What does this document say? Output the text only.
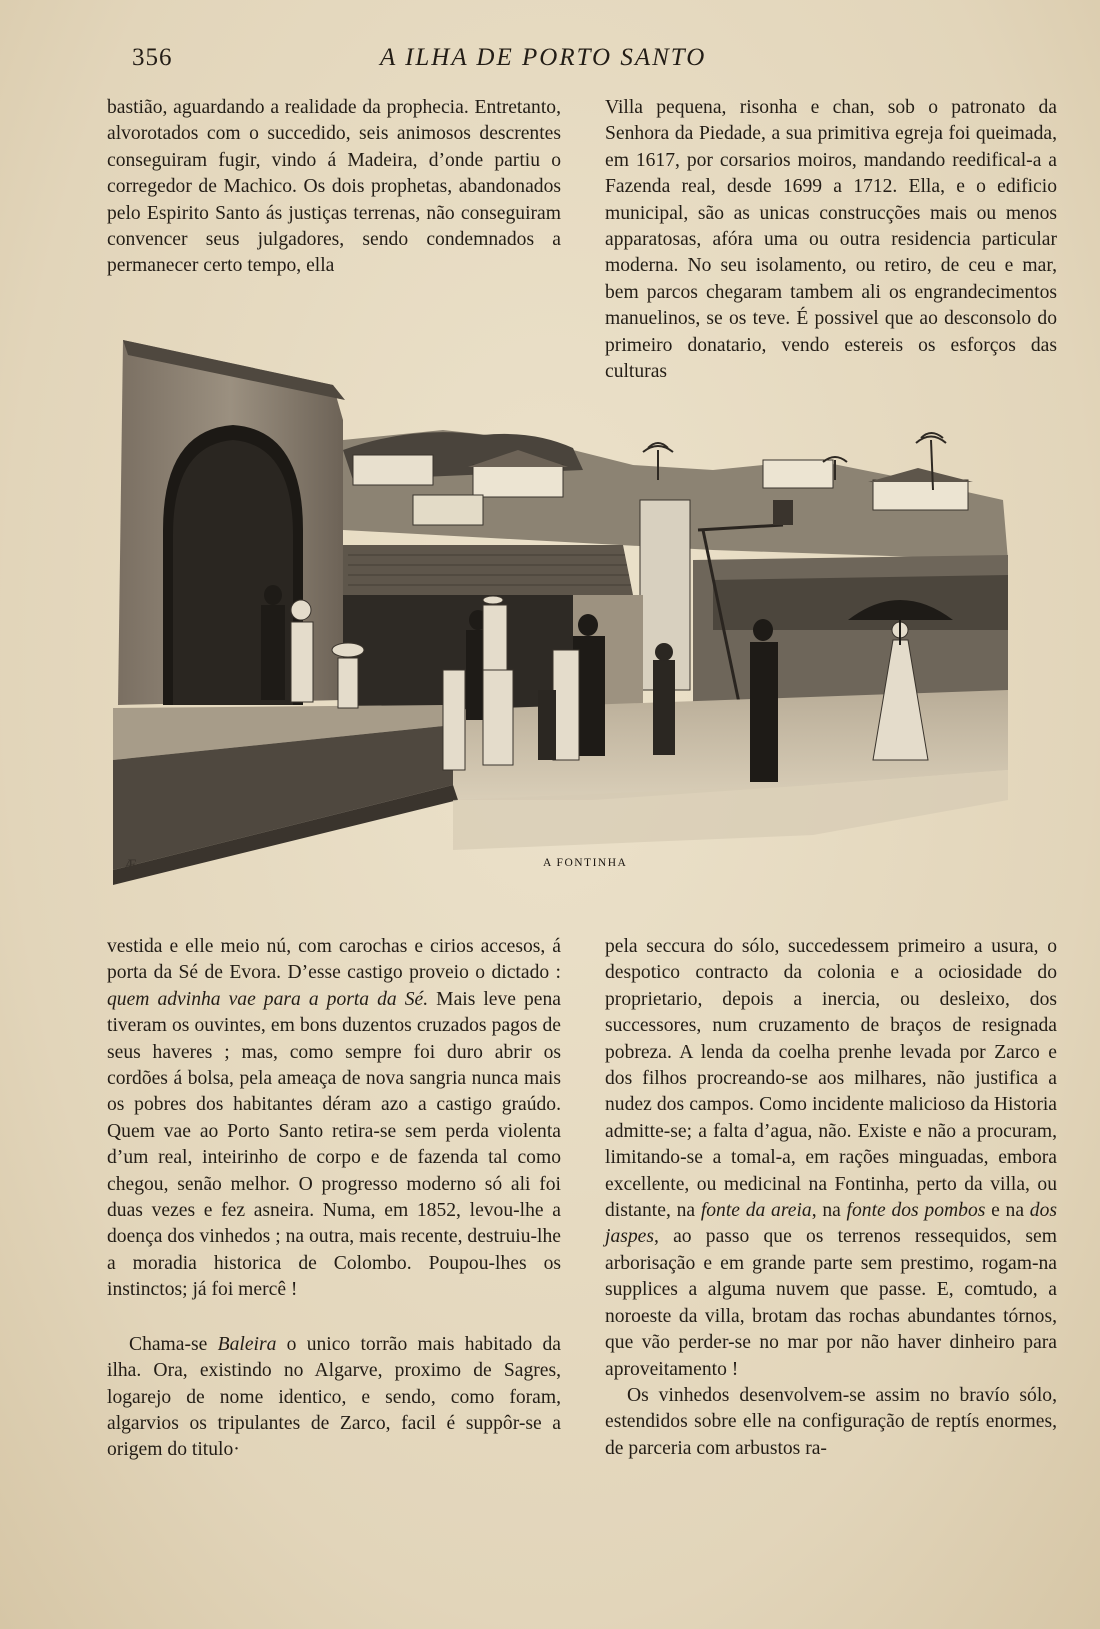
356	A ILHA DE PORTO SANTO

bastião, aguardando a realidade da prophecia. Entretanto, alvorotados com o succedido, seis animosos descrentes conseguiram fugir, vindo á Madeira, d’onde partiu o corregedor de Machico. Os dois prophetas, abandonados pelo Espirito Santo ás justiças terrenas, não conseguiram convencer seus julgadores, sendo condemnados a permanecer certo tempo, ella

Villa pequena, risonha e chan, sob o patronato da Senhora da Piedade, a sua primitiva egreja foi queimada, em 1617, por corsarios moiros, mandando reedifical-a a Fazenda real, desde 1699 a 1712. Ella, e o edificio municipal, são as unicas construcções mais ou menos apparatosas, afóra uma ou outra residencia particular moderna. No seu isolamento, ou retiro, de ceu e mar, bem parcos chegaram tambem ali os engrandecimentos manuelinos, se os teve. É possivel que ao desconsolo do primeiro donatario, vendo estereis os esforços das culturas

Æ	A FONTINHA

vestida e elle meio nú, com carochas e cirios accesos, á porta da Sé de Evora. D’esse castigo proveio o dictado : quem advinha vae para a porta da Sé. Mais leve pena tiveram os ouvintes, em bons duzentos cruzados pagos de seus haveres ; mas, como sempre foi duro abrir os cordões á bolsa, pela ameaça de nova sangria nunca mais os pobres dos habitantes déram azo a castigo graúdo. Quem vae ao Porto Santo retira-se sem perda violenta d’um real, inteirinho de corpo e de fazenda tal como chegou, senão melhor. O progresso moderno só ali foi duas vezes e fez asneira. Numa, em 1852, levou-lhe a doença dos vinhedos ; na outra, mais recente, destruiu-lhe a moradia historica de Colombo. Poupou-lhes os instinctos; já foi mercê !

Chama-se Baleira o unico torrão mais habitado da ilha. Ora, existindo no Algarve, proximo de Sagres, logarejo de nome identico, e sendo, como foram, algarvios os tripulantes de Zarco, facil é suppôr-se a origem do titulo·

pela seccura do sólo, succedessem primeiro a usura, o despotico contracto da colonia e a ociosidade do proprietario, depois a inercia, ou desleixo, dos successores, num cruzamento de braços de resignada pobreza. A lenda da coelha prenhe levada por Zarco e dos filhos procreando-se aos milhares, não justifica a nudez dos campos. Como incidente malicioso da Historia admitte-se; a falta d’agua, não. Existe e não a procuram, limitando-se a tomal-a, em rações minguadas, embora excellente, ou medicinal na Fontinha, perto da villa, ou distante, na fonte da areia, na fonte dos pombos e na dos jaspes, ao passo que os terrenos ressequidos, sem arborisação e em grande parte sem prestimo, rogam-na supplices a alguma nuvem que passe. E, comtudo, a noroeste da villa, brotam das rochas abundantes tórnos, que vão perder-se no mar por não haver dinheiro para aproveitamento !

Os vinhedos desenvolvem-se assim no bravío sólo, estendidos sobre elle na configuração de reptís enormes, de parceria com arbustos ra-
